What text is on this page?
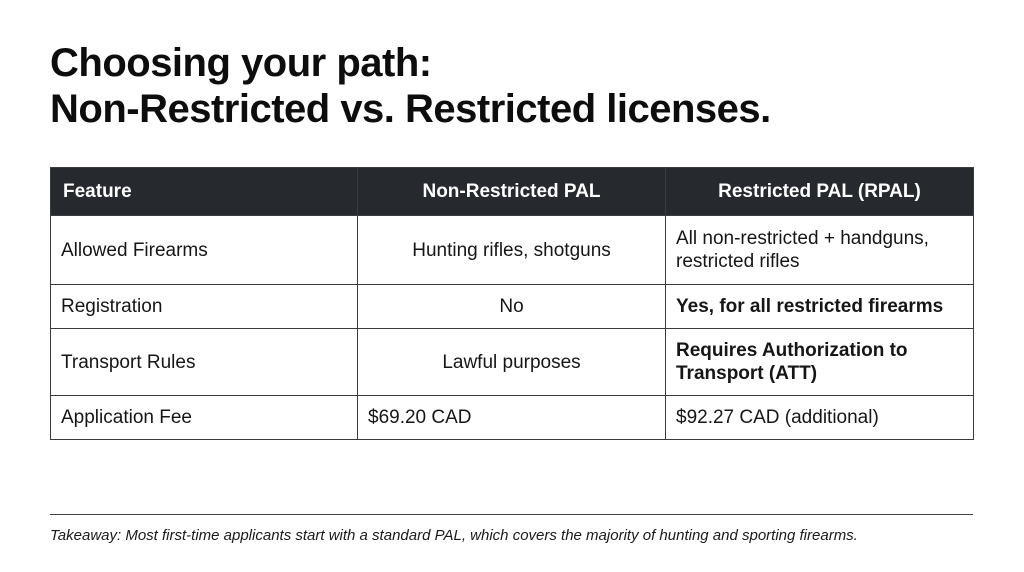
Choosing your path:
Non-Restricted vs. Restricted licenses.
Feature	Non-Restricted PAL	Restricted PAL (RPAL)
Allowed Firearms	Hunting rifles, shotguns	All non-restricted + handguns, restricted rifles
Registration	No	Yes, for all restricted firearms
Transport Rules	Lawful purposes	Requires Authorization to Transport (ATT)
Application Fee	$69.20 CAD	$92.27 CAD (additional)

Takeaway: Most first-time applicants start with a standard PAL, which covers the majority of hunting and sporting firearms.
